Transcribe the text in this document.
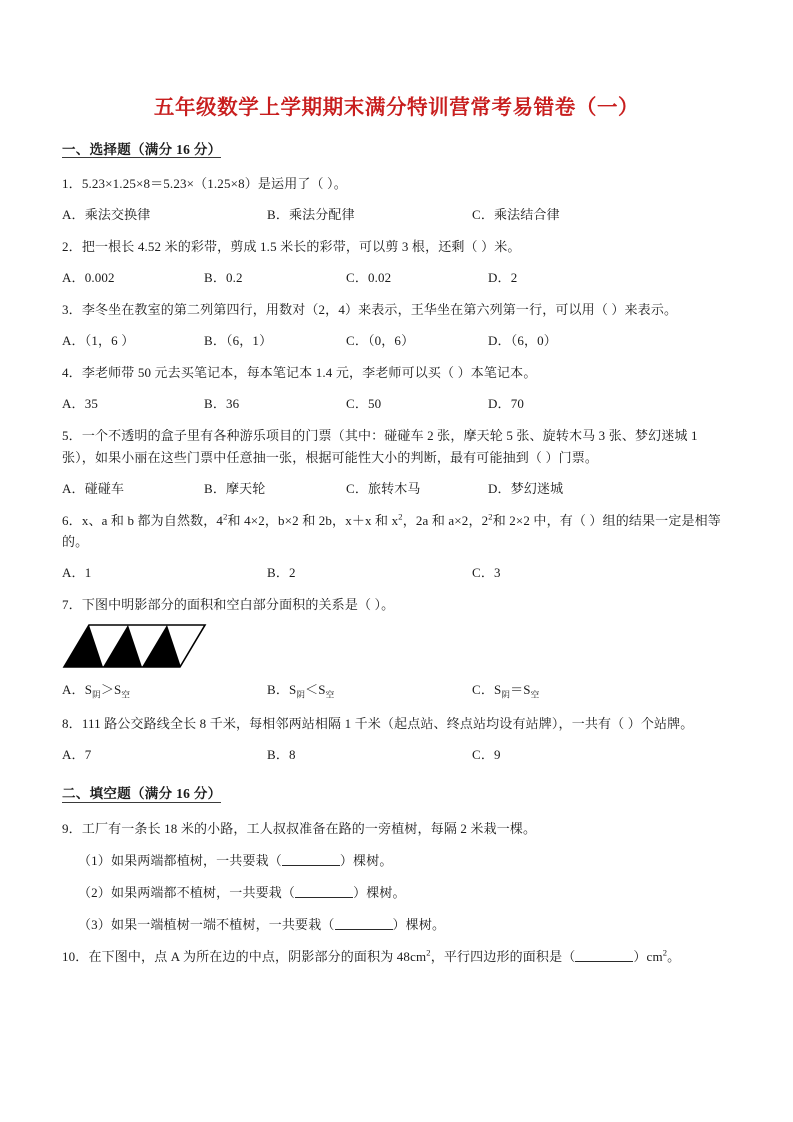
五年级数学上学期期末满分特训营常考易错卷（一）
一、选择题（满分 16 分）
1．5.23×1.25×8＝5.23×（1.25×8）是运用了（ ）。
A．乘法交换律	B．乘法分配律	C．乘法结合律
2．把一根长 4.52 米的彩带，剪成 1.5 米长的彩带，可以剪 3 根，还剩（ ）米。
A．0.002	B．0.2	C．0.02	D．2
3．李冬坐在教室的第二列第四行，用数对（2，4）来表示，王华坐在第六列第一行，可以用（ ）来表示。
A．（1，6 ）	B．（6，1）	C．（0，6）	D．（6，0）
4．李老师带 50 元去买笔记本，每本笔记本 1.4 元，李老师可以买（ ）本笔记本。
A．35	B．36	C．50	D．70
5．一个不透明的盒子里有各种游乐项目的门票（其中：碰碰车 2 张，摩天轮 5 张、旋转木马 3 张、梦幻迷城 1 张），如果小丽在这些门票中任意抽一张，根据可能性大小的判断，最有可能抽到（ ）门票。
A．碰碰车	B．摩天轮	C．旅转木马	D．梦幻迷城
6．x、a 和 b 都为自然数，$4^2$和 4×2，b×2 和 2b，x＋x 和 $x^2$，2a 和 a×2，$2^2$和 2×2 中，有（ ）组的结果一定是相等的。
A．1	B．2	C．3
7．下图中明影部分的面积和空白部分面积的关系是（ ）。
A．$S_阴>S_空$	B．$S_阴<S_空$	C．$S_阴=S_空$
8．111 路公交路线全长 8 千米，每相邻两站相隔 1 千米（起点站、终点站均设有站牌），一共有（ ）个站牌。
A．7	B．8	C．9
二、填空题（满分 16 分）
9．工厂有一条长 18 米的小路，工人叔叔准备在路的一旁植树，每隔 2 米栽一棵。
（1）如果两端都植树，一共要栽（	）棵树。
（2）如果两端都不植树，一共要栽（	）棵树。
（3）如果一端植树一端不植树，一共要栽（	）棵树。
10．在下图中，点 A 为所在边的中点，阴影部分的面积为 $48cm^2$，平行四边形的面积是（	）$cm^2$。
